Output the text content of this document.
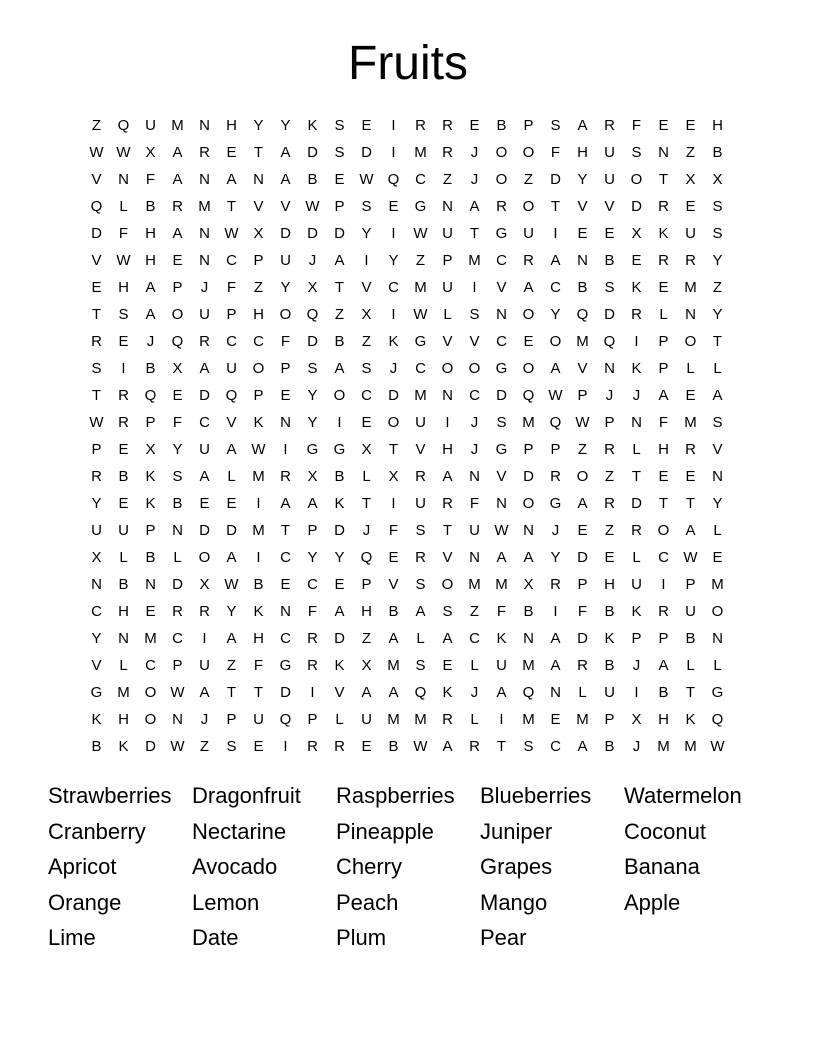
Fruits
Z	Q	U	M	N	H	Y	Y	K	S	E	I	R	R	E	B	P	S	A	R	F	E	E	H
W W X	A	R	E	T	A	D	S	D	I	M	R	J	O	O	F	H	U	S	N	Z	B
V	N	F	A	N	A	N	A	B	E W Q	C	Z	J	O	Z	D	Y	U	O	T	X	X
Q	L	B	R	M	T	V	V W P	S	E	G	N	A	R	O	T	V	V	D	R	E	S
D	F	H	A	N W X	D	D	D	Y	I	W U	T	G	U	I	E	E	X	K	U	S
V W H	E	N	C	P	U	J	A	I	Y	Z	P	M	C	R	A	N	B	E	R	R	Y
E	H	A	P	J	F	Z	Y	X	T	V	C	M	U	I	V	A	C	B	S	K	E	M	Z
T	S	A	O	U	P	H	O	Q	Z	X	I	W	L	S	N	O	Y	Q	D	R	L	N	Y
R	E	J	Q	R	C	C	F	D	B	Z	K	G	V	V	C	E	O M Q	I	P	O	T
S	I	B	X	A	U	O	P	S	A	S	J	C	O	O	G	O	A	V	N	K	P	L	L
T	R	Q	E	D	Q	P	E	Y	O	C	D	M	N	C	D	Q W P	J	J	A	E	A
W R	P	F	C	V	K	N	Y	I	E	O	U	I	J	S	M Q W P	N	F	M	S
P	E	X	Y	U	A W	I	G	G	X	T	V	H	J	G	P	P	Z	R	L	H	R	V
R	B	K	S	A	L	M	R	X	B	L	X	R	A	N	V	D	R	O	Z	T	E	E	N
Y	E	K	B	E	E	I	A	A	K	T	I	U	R	F	N	O	G	A	R	D	T	T	Y
U	U	P	N	D	D	M	T	P	D	J	F	S	T	U W N	J	E	Z	R	O	A	L
X	L	B	L	O	A	I	C	Y	Y	Q	E	R	V	N	A	A	Y	D	E	L	C W E
N	B	N	D	X W B	E	C	E	P	V	S	O M M	X	R	P	H	U	I	P	M
C	H	E	R	R	Y	K	N	F	A	H	B	A	S	Z	F	B	I	F	B	K	R	U	O
Y	N	M	C	I	A	H	C	R	D	Z	A	L	A	C	K	N	A	D	K	P	P	B	N
V	L	C	P	U	Z	F	G	R	K	X	M	S	E	L	U	M	A	R	B	J	A	L	L
G M O W A	T	T	D	I	V	A	A	Q	K	J	A	Q	N	L	U	I	B	T	G
K	H	O	N	J	P	U	Q	P	L	U	M M	R	L	I	M	E	M	P	X	H	K	Q
B	K	D W	Z	S	E	I	R	R	E	B W A	R	T	S	C	A	B	J	M M W
Strawberries Dragonfruit	Raspberries	Blueberries	Watermelon
Cranberry	Nectarine	Pineapple	Juniper	Coconut
Apricot	Avocado	Cherry	Grapes	Banana
Orange	Lemon	Peach	Mango	Apple
Lime	Date	Plum	Pear
